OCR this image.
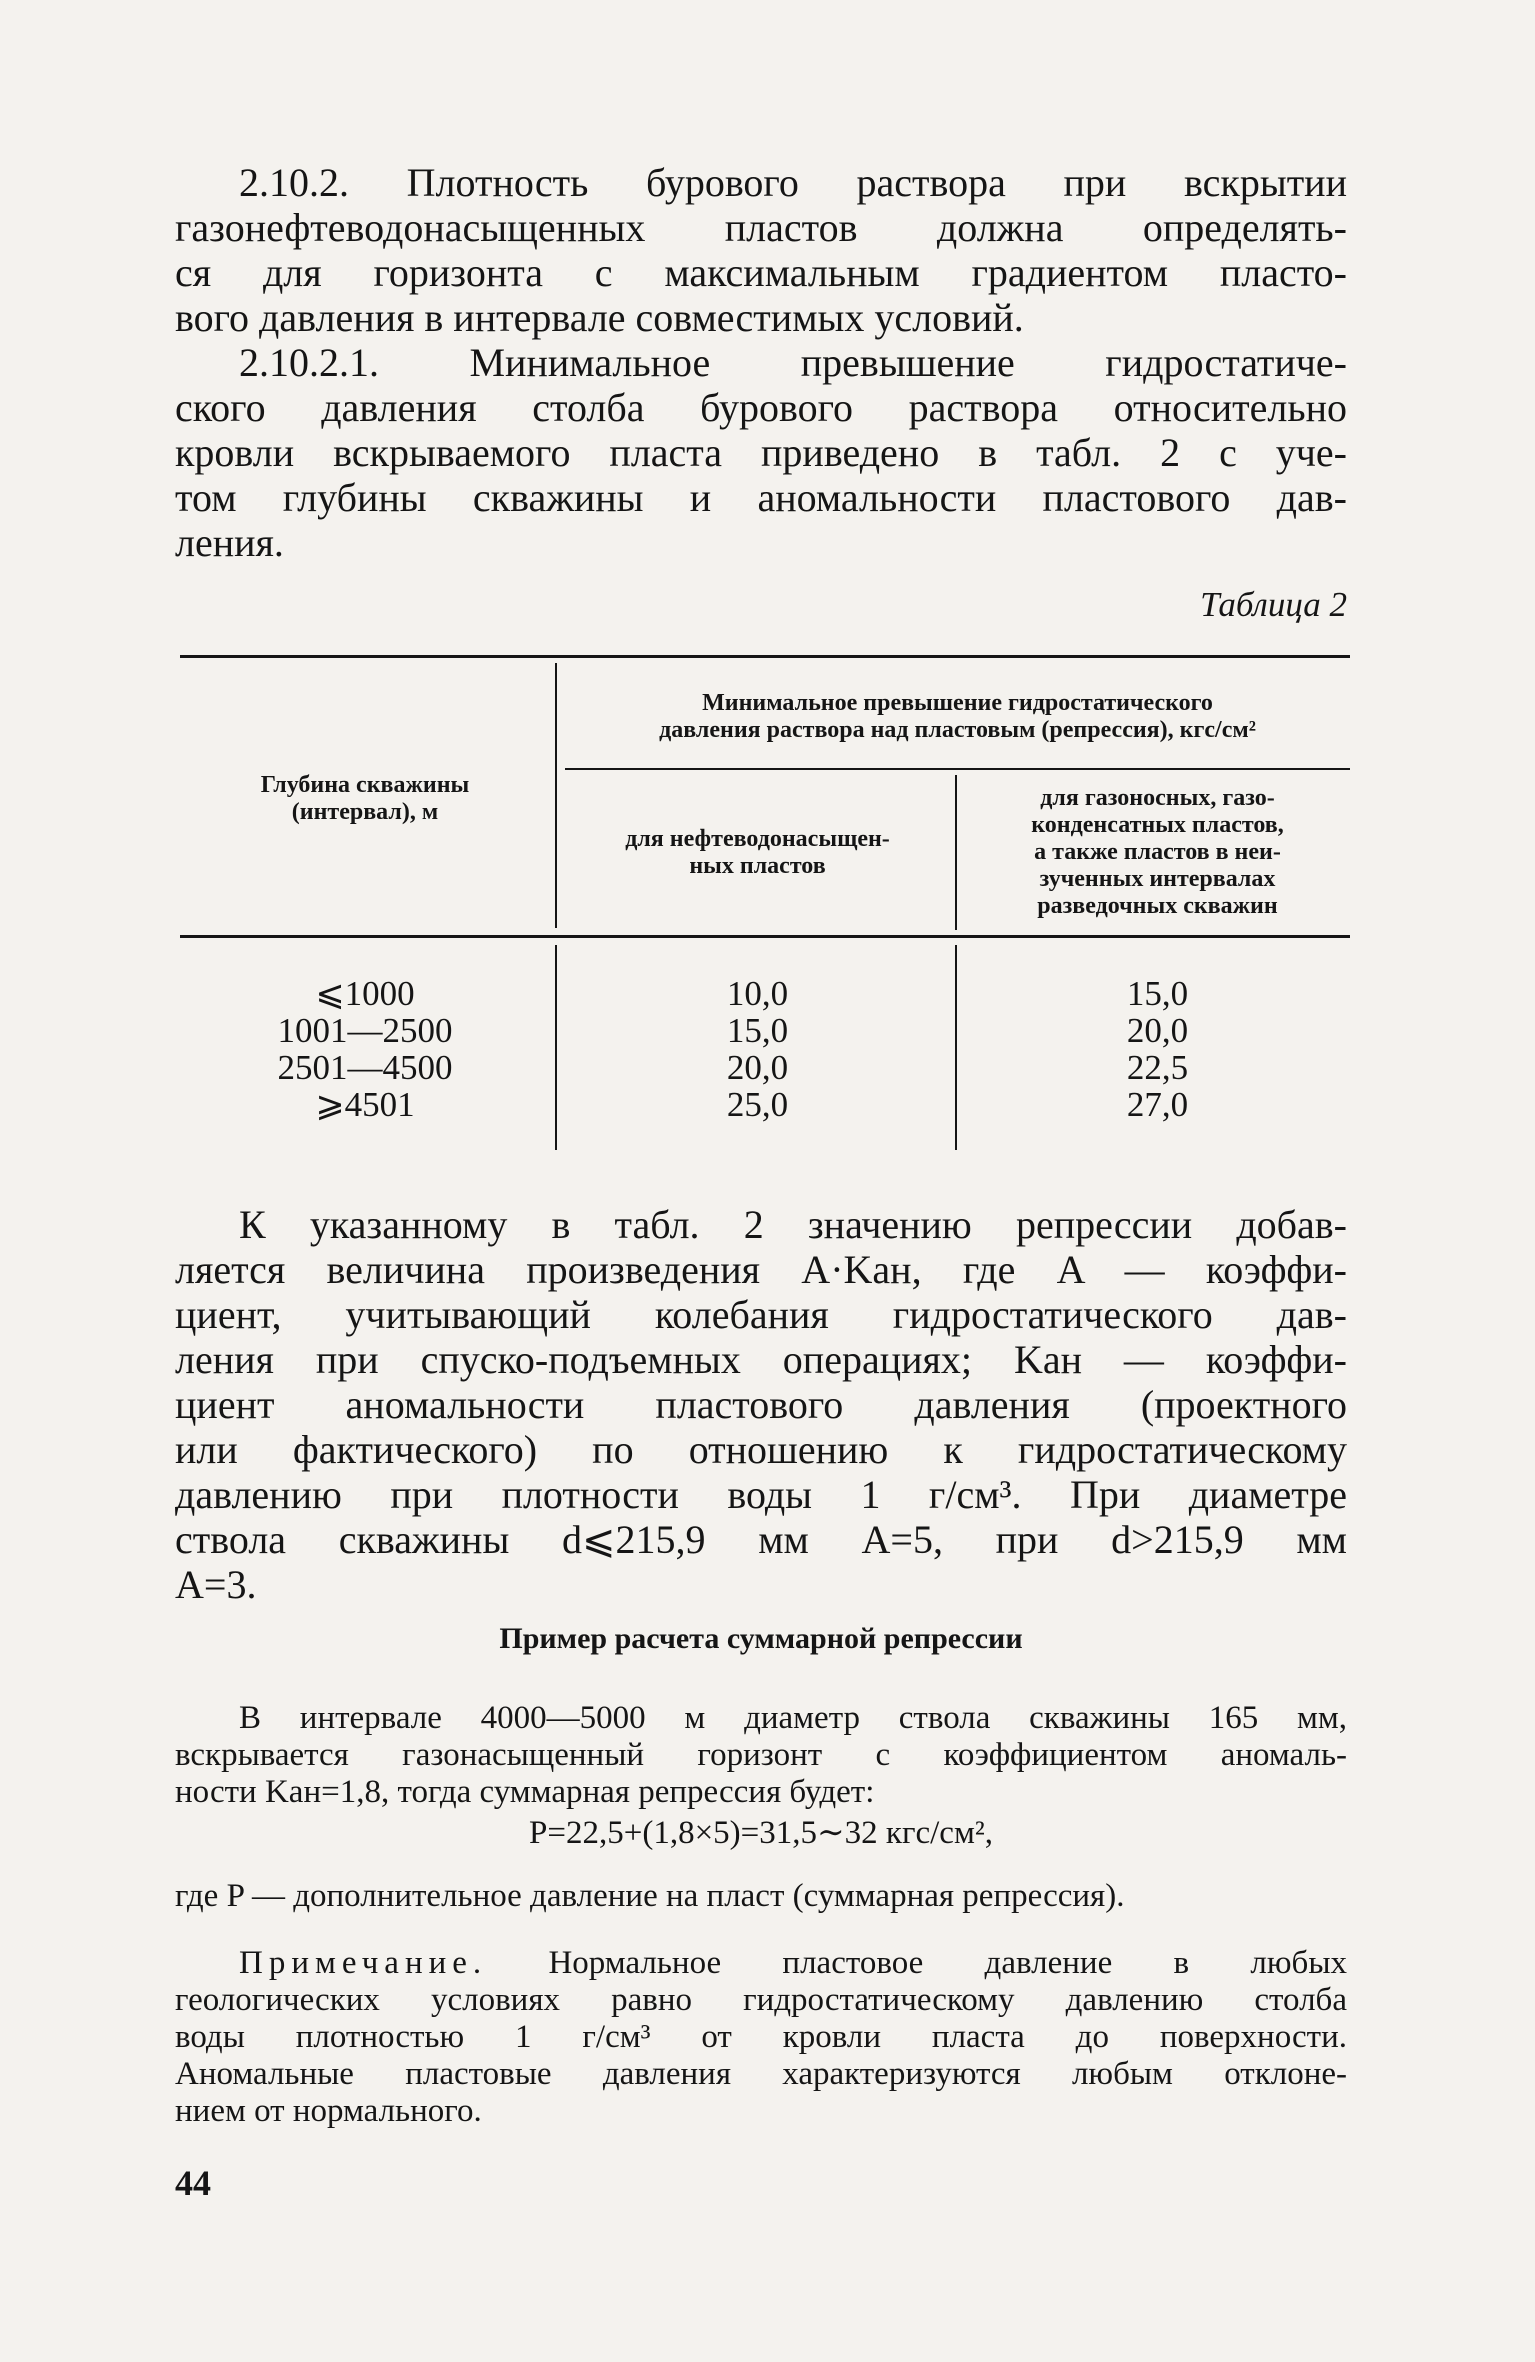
2.10.2. Плотность бурового раствора при вскрытии
газонефтеводонасыщенных пластов должна определять-
ся для горизонта с максимальным градиентом пласто-
вого давления в интервале совместимых условий.
2.10.2.1. Минимальное превышение гидростатиче-
ского давления столба бурового раствора относительно
кровли вскрываемого пласта приведено в табл. 2 с уче-
том глубины скважины и аномальности пластового дав-
ления.
Таблица 2
Глубина скважины
(интервал), м
Минимальное превышение гидростатического
давления раствора над пластовым (репрессия), кгс/см²
для нефтеводонасыщен-
ных пластов
для газоносных, газо-
конденсатных пластов,
а также пластов в неи-
зученных интервалах
разведочных скважин
⩽1000
1001—2500
2501—4500
⩾4501
10,0
15,0
20,0
25,0
15,0
20,0
22,5
27,0
К указанному в табл. 2 значению репрессии добав-
ляется величина произведения A·Kан, где A — коэффи-
циент, учитывающий колебания гидростатического дав-
ления при спуско-подъемных операциях; Kан — коэффи-
циент аномальности пластового давления (проектного
или фактического) по отношению к гидростатическому
давлению при плотности воды 1 г/см³. При диаметре
ствола скважины d⩽215,9 мм A=5, при d>215,9 мм
A=3.
Пример расчета суммарной репрессии
В интервале 4000—5000 м диаметр ствола скважины 165 мм,
вскрывается газонасыщенный горизонт с коэффициентом аномаль-
ности Kан=1,8, тогда суммарная репрессия будет:
P=22,5+(1,8×5)=31,5∼32 кгс/см²,
где P — дополнительное давление на пласт (суммарная репрессия).
Примечание. Нормальное пластовое давление в любых
геологических условиях равно гидростатическому давлению столба
воды плотностью 1 г/см³ от кровли пласта до поверхности.
Аномальные пластовые давления характеризуются любым отклоне-
нием от нормального.
44
